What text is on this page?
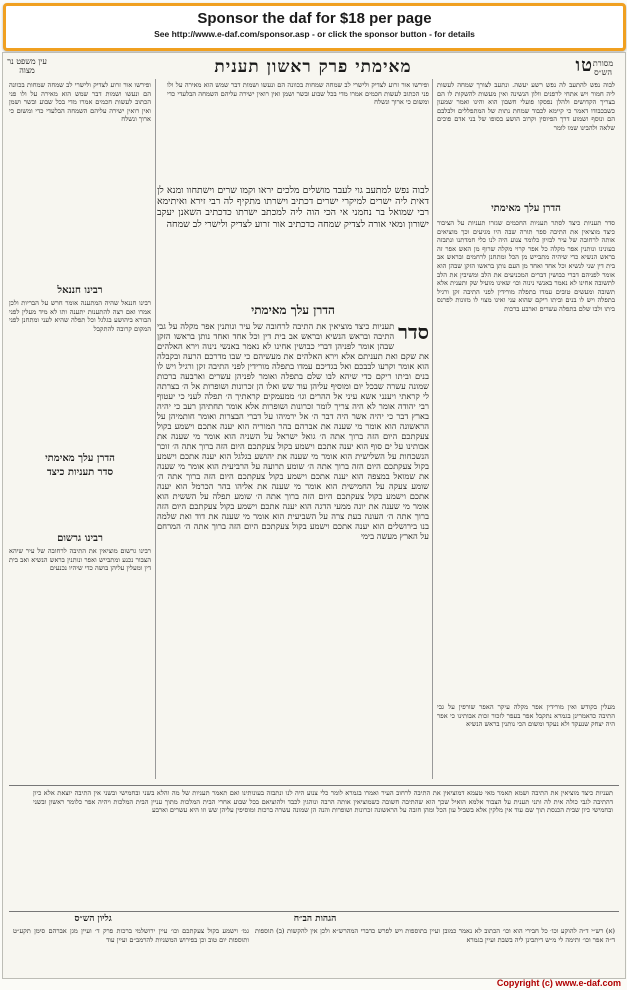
Sponsor the daf for $18 per page
See http://www.e-daf.com/sponsor.asp - or click the sponsor button - for details
מאימתי פרק ראשון תענית	טו מסורת הש״ס
עין משפט נר מצוה
לבוה נפש להתעב לה נפש רשע יעשה. ונתעב לצורך שמחה לעשות ליה חמור ויש אתחי לרפנים וולון הנשינה ואין מעשות להשקות לו הם בצריך הקדושים ולהלן נפסקו פועלי חשבון הוא והינו ואמר שמעון כשבכבודו דאמר כי קיימא לכבוד שמחת נתות של המתפללים ולבלבם הם ונוסף ושמוע דרך הפיוסין וקרוב הושע בסופו של בני אדם פוכים שלאה ולהבינו שמו לומר
ופירשו אור זרוע לצדיק ולישרי לב שמחה שמחות בכוונה הם ונעשו ושמות דבר שמש הוא מאירה על ולו פני הכתוב לעשות חכמים אמרו מדי בכל שבוע ובשר ושמן ואין רואין ישירה עליהם השמחה הבלעדי כדי ומשום כי ארוך ונשלח
לבוה נפש למתעב גוי לעבד מושלים מלכים יראו וקמו שרים וישתחוו ומנא לן דאית ליה ישרים למיקרי ישרים דכתיב וישרתו מתקיף לה רבי זירא ואיתימא רבי שמואל בר נחמני אי הכי הוה ליה למכתב ישרתו כדכתיב השאנן יעקב ישורון ומאי אורה לצדיק שמחה כדכתיב אור זרוע לצדיק ולישרי לב שמחה
הדרן עלך מאימתי
סדר
תעניות כיצד מוציאין את התיבה לרחובה של עיר ונותנין אפר מקלה על גבי התיבה ובראש הנשיא ובראש אב בית דין וכל אחד ואחד נותן בראשו הזקן שבהן אומר לפניהן דברי כבושין אחינו לא נאמר באנשי נינוה וירא האלהים את שקם ואת תעניתם אלא וירא האלהים את מעשיהם כי שבו מדרכם הרעה ובקבלה הוא אומר וקרעו לבבכם ואל בגדיכם עמדו בתפלה מורידין לפני התיבה זקן ורגיל ויש לו בנים וביתו ריקם כדי שיהא לבו שלם בתפלה ואומר לפניהן עשרים וארבעה ברכות שמונה עשרה שבכל יום ומוסיף עליהן עוד שש ואלו הן זכרונות ושופרות אל ה׳ בצרתה לי קראתי ויענני אשא עיני אל ההרים וגו׳ ממעמקים קראתיך ה׳ תפלה לעני כי יעטוף רבי יהודה אומר לא היה צריך לומר זכרונות ושופרות אלא אומר תחתיהן רעב כי יהיה בארץ דבר כי יהיה אשר היה דבר ה׳ אל ירמיהו על דברי הבצרות ואומר חותמיהן על הראשונה הוא אומר מי שענה את אברהם בהר המוריה הוא יענה אתכם וישמע בקול צעקתכם היום הזה ברוך אתה ה׳ גואל ישראל על השניה הוא אומר מי שענה את אבותינו על ים סוף הוא יענה אתכם וישמע בקול צעקתכם היום הזה ברוך אתה ה׳ זוכר הנשכחות על השלישית הוא אומר מי שענה את יהושע בגלגל הוא יענה אתכם וישמע בקול צעקתכם היום הזה ברוך אתה ה׳ שומע תרועה על הרביעית הוא אומר מי שענה את שמואל במצפה הוא יענה אתכם וישמע בקול צעקתכם היום הזה ברוך אתה ה׳ שומע צעקה על החמישית הוא אומר מי שענה את אליהו בהר הכרמל הוא יענה אתכם וישמע בקול צעקתכם היום הזה ברוך אתה ה׳ שומע תפלה על הששית הוא אומר מי שענה את יונה ממעי הדגה הוא יענה אתכם וישמע בקול צעקתכם היום הזה ברוך אתה ה׳ העונה בעת צרה על השביעית הוא אומר מי שענה את דוד ואת שלמה בנו בירושלים הוא יענה אתכם וישמע בקול צעקתכם היום הזה ברוך אתה ה׳ המרחם על הארץ מעשה בימי
הדרן עלך מאימתי
סדר תעניות כיצד לסתר תעניות החכמים שגזרו תעניות על הציבור כיצד מוציאין את התיבה ספר תורה שבה היו מגיעים וכך מוציאים אותה לרחובה של עיר לבזיון כלומר צנוע היה לנו כלי חמדתנו ונתבזה בעונינו ונותנין אפר מקלה כל אפר קרוי מקלה שרוף מן האש אפר זה בראש הנשיא כדי שיהיה מתבייש מן הכל ומתחנן לרחמים ובראש אב בית דין שני לנשיא וכל אחד ואחד מן העם נותן בראשו הזקן שבהן הוא אומר לפניהם דברי כבושין דברים המכניעים את הלב ומשיבין את הלב לתשובה אחינו לא נאמר באנשי נינוה וכו׳ שאינו מועיל שק ותענית אלא תשובה ומעשים טובים עמדו בתפלה מורידין לפני התיבה זקן ורגיל בתפלה ויש לו בנים וביתו ריקם שהוא עני ואינו מצוי לו מזונות לפרנס ביתו ולבו שלם בתפלה עשרים וארבע ברכות
מעלין בקודש ואין מורידין אפר מקלה עיקר האפר שורפין על גבי התיבה כדאמרינן בגמרא נתקבל אפר בעפר לזכור זכות אבותינו כי אפר היה יצחק שנעקד ולא נעקד ומשום הכי נותנין בראש הנשיא
ופירשו אור זרוע לצדיק ולישרי לב שמחה שמחות בכוונה הם ונעשו ושמות דבר שמש הוא מאירה על ולו פני הכתוב לעשות חכמים אמרו מדי בכל שבוע ובשר ושמן ואין רואין ישירה עליהם השמחה הבלעדי כדי ומשום כי ארוך ונשלח
רבינו חננאל
רבינו חננאל שהיה המתענה אומר חרש על הבריות ולכן אמרו ואם רצה להתענות יתענה ותו לא מיד מעלין לפני הבורא ביהושע בגלגל וכל תפלה שהיא לעני ומתחנן לפני המקום קרובה להתקבל
הדרן עלך מאימתי
סדר תעניות כיצד
רבינו גרשום
רבינו גרשום מוציאין את התיבה לרחובה של עיר שיהא הצבור נכנע ומתבייש ואפר ונותנין בראש הנשיא ואב בית דין ומעלין עליהן בושה כדי שיהיו נכנעים
תעניות כיצד מוציאין את התיבה ושמא תאמר מאי טעמא דמוציאין את התיבה לרחוב העיר ואמרו בגמרא לומר כלי צנוע היה לנו ונתבזה בעונותינו ואם תאמר תעניות של מה והלא בשני ובחמישי ובשני אין התיבה יוצאת אלא כיון דהתיבה לגבי כולה אית לה ותני תענית על הצבור אלמא הואיל שכך הוא שהתיבה חשובה כשמוציאין אותה הרבה ונוהגין לכבד ולהוציאם בכל שבוע אחרי הבית המלכות מתוך עניין הבית המלכות ויהיה אפר כלומר ראשון ובשני ובחמישי כיון שבית הכנסת תוך שם עוד אין מלקין אלא בשביל עון הכל ומהן חובה על הראשונה זכרונות ושופרות והנה הן שמונה עשרה ברכות ומוסיפין עליהן שש וזו היא עשרים וארבע
הגהות הב״ח
גליון הש״ס
(א) רש״י ד״ה להוקע וכו׳ כל חבירי הוא וכו׳ הכתוב לא נאמר כמובן ועיין בתוספות ויש לפרש כדברי המהרש״א ולכן אין להקשות (ב) תוספות ד״ה אפר וכו׳ ותימה לי מ״ש דיתבינן ליה בשבת ועיין בגמרא
גמ׳ וישמע בקול צעקתכם וכו׳ עיין ירושלמי ברכות פרק ד׳ ועיין מגן אברהם סימן תקע״ט ותוספות יום טוב וכן בפירוש המשניות להרמב״ם ועיין עוד
Copyright (c) www.e-daf.com
